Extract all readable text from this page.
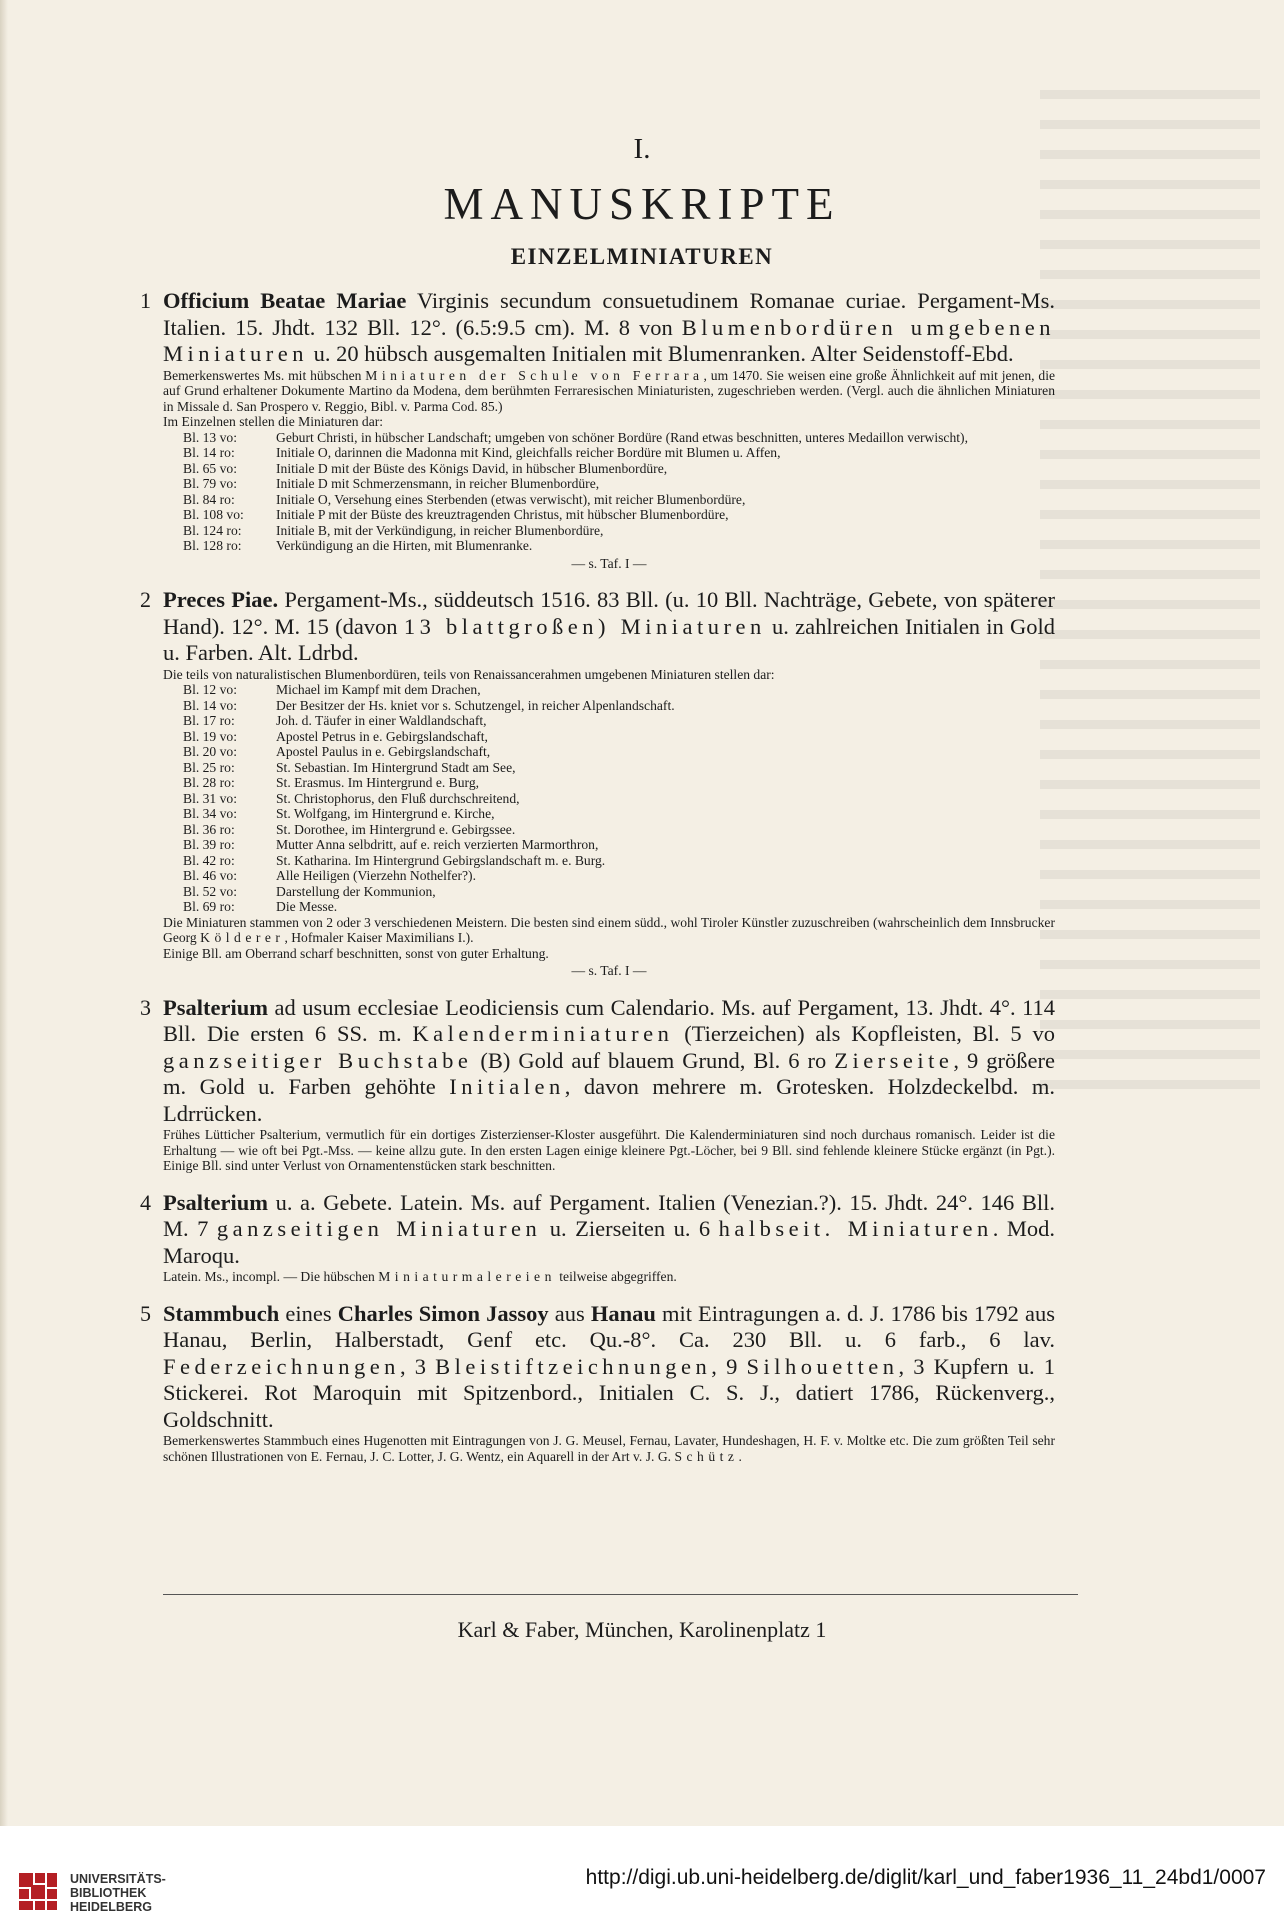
I.
MANUSKRIPTE
EINZELMINIATUREN
1 Officium Beatae Mariae Virginis secundum consuetudinem Romanae curiae. Pergament-Ms. Italien. 15. Jhdt. 132 Bll. 12°. (6.5:9.5 cm). M. 8 von Blumenbordüren umgebenen Miniaturen u. 20 hübsch ausgemalten Initialen mit Blumenranken. Alter Seidenstoff-Ebd.

Bemerkenswertes Ms. mit hübschen Miniaturen der Schule von Ferrara, um 1470. Sie weisen eine große Ähnlichkeit auf mit jenen, die auf Grund erhaltener Dokumente Martino da Modena, dem berühmten Ferraresischen Miniaturisten, zugeschrieben werden. (Vergl. auch die ähnlichen Miniaturen in Missale d. San Prospero v. Reggio, Bibl. v. Parma Cod. 85.)

Im Einzelnen stellen die Miniaturen dar:

Bl. 13 vo:	Geburt Christi, in hübscher Landschaft; umgeben von schöner Bordüre (Rand etwas beschnitten, unteres Medaillon verwischt),
Bl. 14 ro:	Initiale O, darinnen die Madonna mit Kind, gleichfalls reicher Bordüre mit Blumen u. Affen,
Bl. 65 vo:	Initiale D mit der Büste des Königs David, in hübscher Blumenbordüre,
Bl. 79 vo:	Initiale D mit Schmerzensmann, in reicher Blumenbordüre,
Bl. 84 ro:	Initiale O, Versehung eines Sterbenden (etwas verwischt), mit reicher Blumenbordüre,
Bl. 108 vo:	Initiale P mit der Büste des kreuztragenden Christus, mit hübscher Blumenbordüre,
Bl. 124 ro:	Initiale B, mit der Verkündigung, in reicher Blumenbordüre,
Bl. 128 ro:	Verkündigung an die Hirten, mit Blumenranke.

— s. Taf. I —

2 Preces Piae. Pergament-Ms., süddeutsch 1516. 83 Bll. (u. 10 Bll. Nachträge, Gebete, von späterer Hand). 12°. M. 15 (davon 13 blattgroßen) Miniaturen u. zahlreichen Initialen in Gold u. Farben. Alt. Ldrbd.

Die teils von naturalistischen Blumenbordüren, teils von Renaissancerahmen umgebenen Miniaturen stellen dar:

Bl. 12 vo:	Michael im Kampf mit dem Drachen,
Bl. 14 vo:	Der Besitzer der Hs. kniet vor s. Schutzengel, in reicher Alpenlandschaft.
Bl. 17 ro:	Joh. d. Täufer in einer Waldlandschaft,
Bl. 19 vo:	Apostel Petrus in e. Gebirgslandschaft,
Bl. 20 vo:	Apostel Paulus in e. Gebirgslandschaft,
Bl. 25 ro:	St. Sebastian. Im Hintergrund Stadt am See,
Bl. 28 ro:	St. Erasmus. Im Hintergrund e. Burg,
Bl. 31 vo:	St. Christophorus, den Fluß durchschreitend,
Bl. 34 vo:	St. Wolfgang, im Hintergrund e. Kirche,
Bl. 36 ro:	St. Dorothee, im Hintergrund e. Gebirgssee.
Bl. 39 ro:	Mutter Anna selbdritt, auf e. reich verzierten Marmorthron,
Bl. 42 ro:	St. Katharina. Im Hintergrund Gebirgslandschaft m. e. Burg.
Bl. 46 vo:	Alle Heiligen (Vierzehn Nothelfer?).
Bl. 52 vo:	Darstellung der Kommunion,
Bl. 69 ro:	Die Messe.

Die Miniaturen stammen von 2 oder 3 verschiedenen Meistern. Die besten sind einem südd., wohl Tiroler Künstler zuzuschreiben (wahrscheinlich dem Innsbrucker Georg Kölderer, Hofmaler Kaiser Maximilians I.).

Einige Bll. am Oberrand scharf beschnitten, sonst von guter Erhaltung.

— s. Taf. I —

3 Psalterium ad usum ecclesiae Leodiciensis cum Calendario. Ms. auf Pergament, 13. Jhdt. 4°. 114 Bll. Die ersten 6 SS. m. Kalenderminiaturen (Tierzeichen) als Kopfleisten, Bl. 5 vo ganzseitiger Buchstabe (B) Gold auf blauem Grund, Bl. 6 ro Zierseite, 9 größere m. Gold u. Farben gehöhte Initialen, davon mehrere m. Grotesken. Holzdeckelbd. m. Ldrrücken.

Frühes Lütticher Psalterium, vermutlich für ein dortiges Zisterzienser-Kloster ausgeführt. Die Kalenderminiaturen sind noch durchaus romanisch. Leider ist die Erhaltung — wie oft bei Pgt.-Mss. — keine allzu gute. In den ersten Lagen einige kleinere Pgt.-Löcher, bei 9 Bll. sind fehlende kleinere Stücke ergänzt (in Pgt.). Einige Bll. sind unter Verlust von Ornamentenstücken stark beschnitten.

4 Psalterium u. a. Gebete. Latein. Ms. auf Pergament. Italien (Venezian.?). 15. Jhdt. 24°. 146 Bll. M. 7 ganzseitigen Miniaturen u. Zierseiten u. 6 halbseit. Miniaturen. Mod. Maroqu.

Latein. Ms., incompl. — Die hübschen Miniaturmalereien teilweise abgegriffen.

5 Stammbuch eines Charles Simon Jassoy aus Hanau mit Eintragungen a. d. J. 1786 bis 1792 aus Hanau, Berlin, Halberstadt, Genf etc. Qu.-8°. Ca. 230 Bll. u. 6 farb., 6 lav. Federzeichnungen, 3 Bleistiftzeichnungen, 9 Silhouetten, 3 Kupfern u. 1 Stickerei. Rot Maroquin mit Spitzenbord., Initialen C. S. J., datiert 1786, Rückenverg., Goldschnitt.

Bemerkenswertes Stammbuch eines Hugenotten mit Eintragungen von J. G. Meusel, Fernau, Lavater, Hundeshagen, H. F. v. Moltke etc. Die zum größten Teil sehr schönen Illustrationen von E. Fernau, J. C. Lotter, J. G. Wentz, ein Aquarell in der Art v. J. G. Schütz.

Karl & Faber, München, Karolinenplatz 1
UNIVERSITÄTS-
BIBLIOTHEK
HEIDELBERG
http://digi.ub.uni-heidelberg.de/diglit/karl_und_faber1936_11_24bd1/0007
